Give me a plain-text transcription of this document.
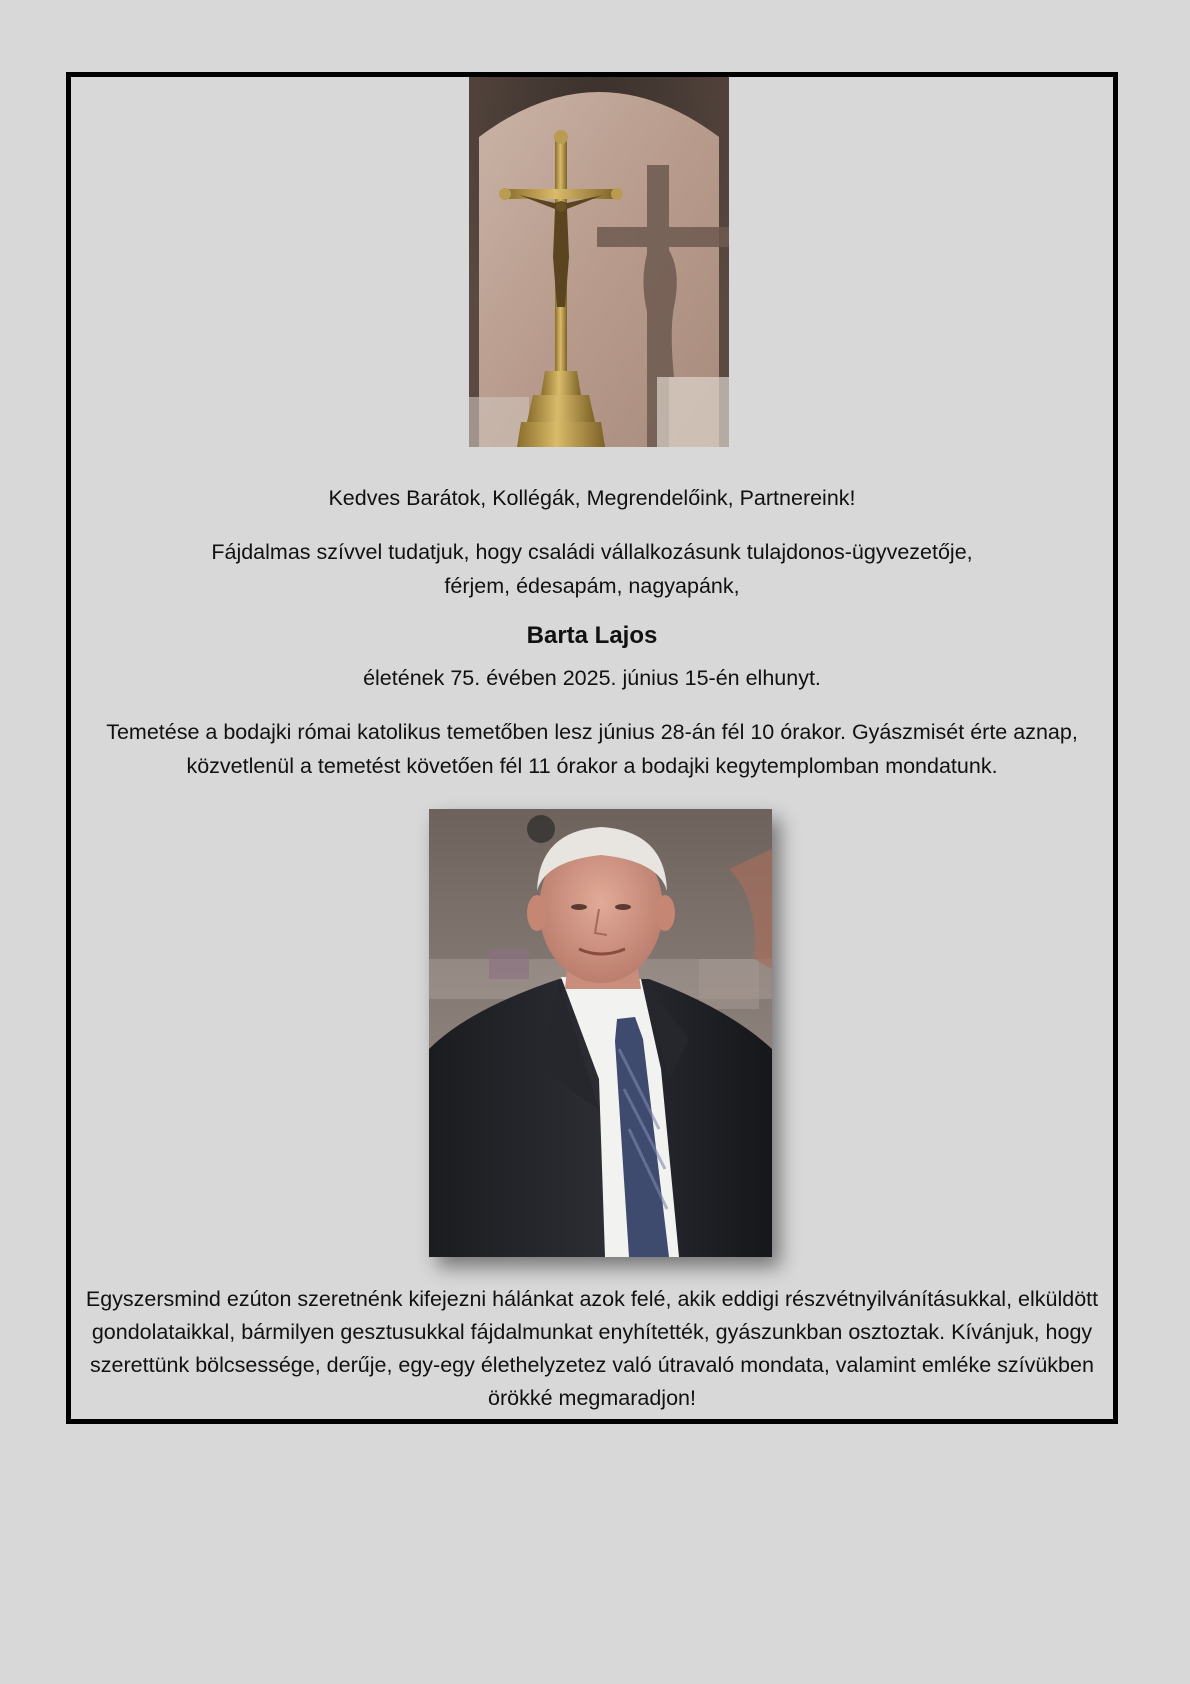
Kedves Barátok, Kollégák, Megrendelőink, Partnereink!
Fájdalmas szívvel tudatjuk, hogy családi vállalkozásunk tulajdonos-ügyvezetője,
férjem, édesapám, nagyapánk,
Barta Lajos
életének 75. évében 2025. június 15-én elhunyt.
Temetése a bodajki római katolikus temetőben lesz június 28-án fél 10 órakor. Gyászmisét érte aznap,
közvetlenül a temetést követően fél 11 órakor a bodajki kegytemplomban mondatunk.
Egyszersmind ezúton szeretnénk kifejezni hálánkat azok felé, akik eddigi részvétnyilvánításukkal, elküldött
gondolataikkal, bármilyen gesztusukkal fájdalmunkat enyhítették, gyászunkban osztoztak. Kívánjuk, hogy
szerettünk bölcsessége, derűje, egy-egy élethelyzetez való útravaló mondata, valamint emléke szívükben
örökké megmaradjon!
